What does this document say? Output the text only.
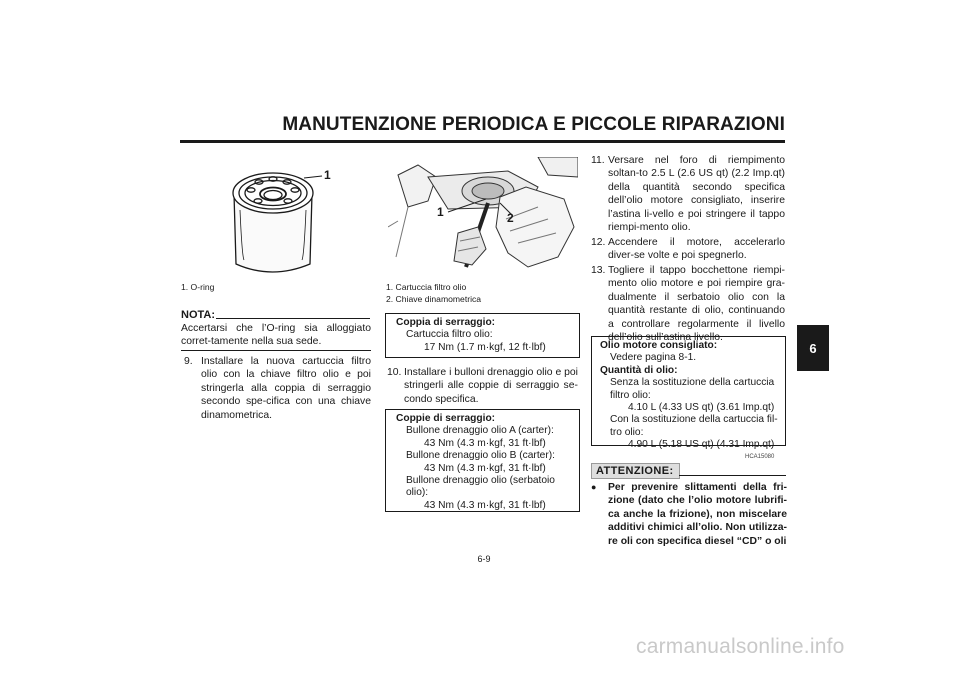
MANUTENZIONE PERIODICA E PICCOLE RIPARAZIONI
6
1
1. O-ring
NOTA:
Accertarsi che l’O-ring sia alloggiato corret-tamente nella sua sede.
9. Installare la nuova cartuccia filtro olio con la chiave filtro olio e poi stringerla alla coppia di serraggio secondo spe-cifica con una chiave dinamometrica.
1	2
1. Cartuccia filtro olio
2. Chiave dinamometrica
Coppia di serraggio:
Cartuccia filtro olio:
17 Nm (1.7 m·kgf, 12 ft·lbf)
10. Installare i bulloni drenaggio olio e poi stringerli alle coppie di serraggio se-condo specifica.
Coppie di serraggio:
Bullone drenaggio olio A (carter):
43 Nm (4.3 m·kgf, 31 ft·lbf)
Bullone drenaggio olio B (carter):
43 Nm (4.3 m·kgf, 31 ft·lbf)
Bullone drenaggio olio (serbatoio
olio):
43 Nm (4.3 m·kgf, 31 ft·lbf)
11. Versare nel foro di riempimento soltan-to 2.5 L (2.6 US qt) (2.2 Imp.qt) della quantità secondo specifica dell’olio motore consigliato, inserire l’astina li-vello e poi stringere il tappo riempi-mento olio.
12. Accendere il motore, accelerarlo diver-se volte e poi spegnerlo.
13. Togliere il tappo bocchettone riempi-mento olio motore e poi riempire gra-dualmente il serbatoio olio con la quantità restante di olio, continuando a controllare regolarmente il livello dell’olio sull’astina livello.
Olio motore consigliato:
Vedere pagina 8-1.
Quantità di olio:
Senza la sostituzione della cartuccia
filtro olio:
4.10 L (4.33 US qt) (3.61 Imp.qt)
Con la sostituzione della cartuccia fil-
tro olio:
4.90 L (5.18 US qt) (4.31 Imp.qt)
HCA15080
ATTENZIONE:
● Per prevenire slittamenti della fri-zione (dato che l’olio motore lubrifi-ca anche la frizione), non miscelare additivi chimici all’olio. Non utilizza-re oli con specifica diesel “CD” o oli
6-9
carmanualsonline.info
